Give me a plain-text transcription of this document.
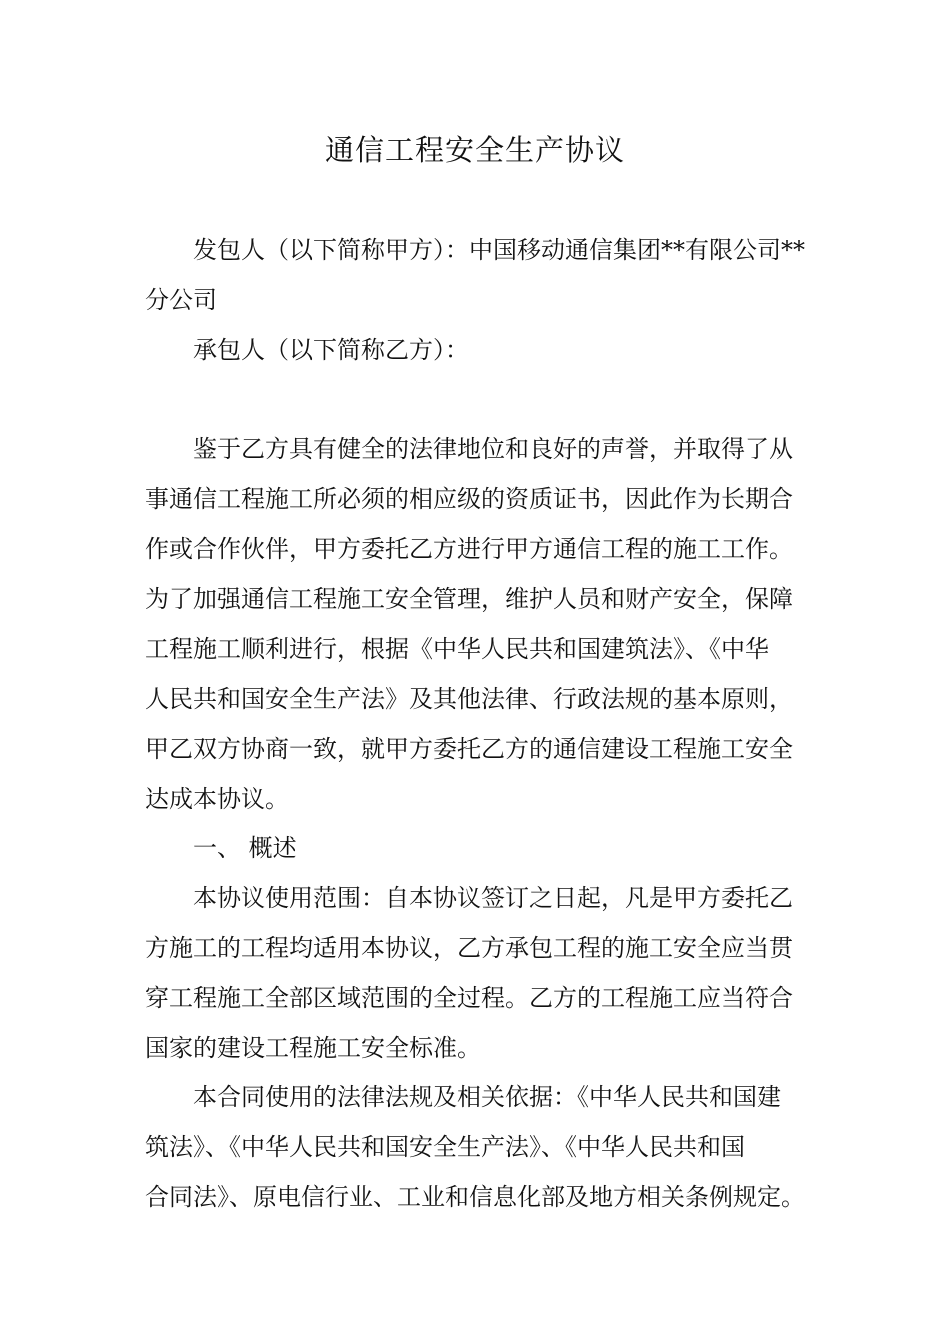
通信工程安全生产协议
发包人（以下简称甲方）：中国移动通信集团**有限公司**
分公司
承包人（以下简称乙方）：
鉴于乙方具有健全的法律地位和良好的声誉，并取得了从
事通信工程施工所必须的相应级的资质证书，因此作为长期合
作或合作伙伴，甲方委托乙方进行甲方通信工程的施工工作。
为了加强通信工程施工安全管理，维护人员和财产安全，保障
工程施工顺利进行，根据《中华人民共和国建筑法》、《中华
人民共和国安全生产法》及其他法律、行政法规的基本原则，
甲乙双方协商一致，就甲方委托乙方的通信建设工程施工安全
达成本协议。
一、 概述
本协议使用范围：自本协议签订之日起，凡是甲方委托乙
方施工的工程均适用本协议，乙方承包工程的施工安全应当贯
穿工程施工全部区域范围的全过程。乙方的工程施工应当符合
国家的建设工程施工安全标准。
本合同使用的法律法规及相关依据：《中华人民共和国建
筑法》、《中华人民共和国安全生产法》、《中华人民共和国
合同法》、原电信行业、工业和信息化部及地方相关条例规定。
